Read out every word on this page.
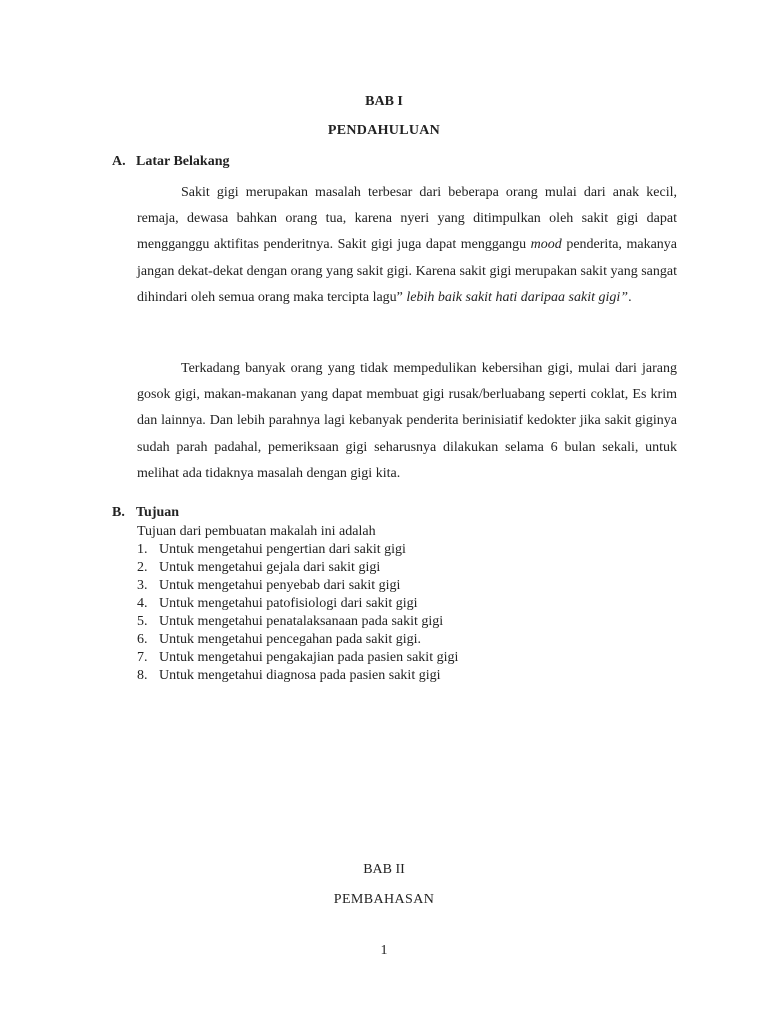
BAB I
PENDAHULUAN
A. Latar Belakang

Sakit gigi merupakan masalah terbesar dari beberapa orang mulai dari anak kecil, remaja, dewasa bahkan orang tua, karena nyeri yang ditimpulkan oleh sakit gigi dapat mengganggu aktifitas penderitnya. Sakit gigi juga dapat menggangu mood penderita, makanya jangan dekat-dekat dengan orang yang sakit gigi. Karena sakit gigi merupakan sakit yang sangat dihindari oleh semua orang maka tercipta lagu” lebih baik sakit hati daripaa sakit gigi”.

Terkadang banyak orang yang tidak mempedulikan kebersihan gigi, mulai dari jarang gosok gigi, makan-makanan yang dapat membuat gigi rusak/berluabang seperti coklat, Es krim dan lainnya. Dan lebih parahnya lagi kebanyak penderita berinisiatif kedokter jika sakit giginya sudah parah padahal, pemeriksaan gigi seharusnya dilakukan selama 6 bulan sekali, untuk melihat ada tidaknya masalah dengan gigi kita.

B. Tujuan
Tujuan dari pembuatan makalah ini adalah
1. Untuk mengetahui pengertian dari sakit gigi
2. Untuk mengetahui gejala dari sakit gigi
3. Untuk mengetahui penyebab dari sakit gigi
4. Untuk mengetahui patofisiologi dari sakit gigi
5. Untuk mengetahui penatalaksanaan pada sakit gigi
6. Untuk mengetahui pencegahan pada sakit gigi.
7. Untuk mengetahui pengakajian pada pasien sakit gigi
8. Untuk mengetahui diagnosa pada pasien sakit gigi
BAB II
PEMBAHASAN
1
